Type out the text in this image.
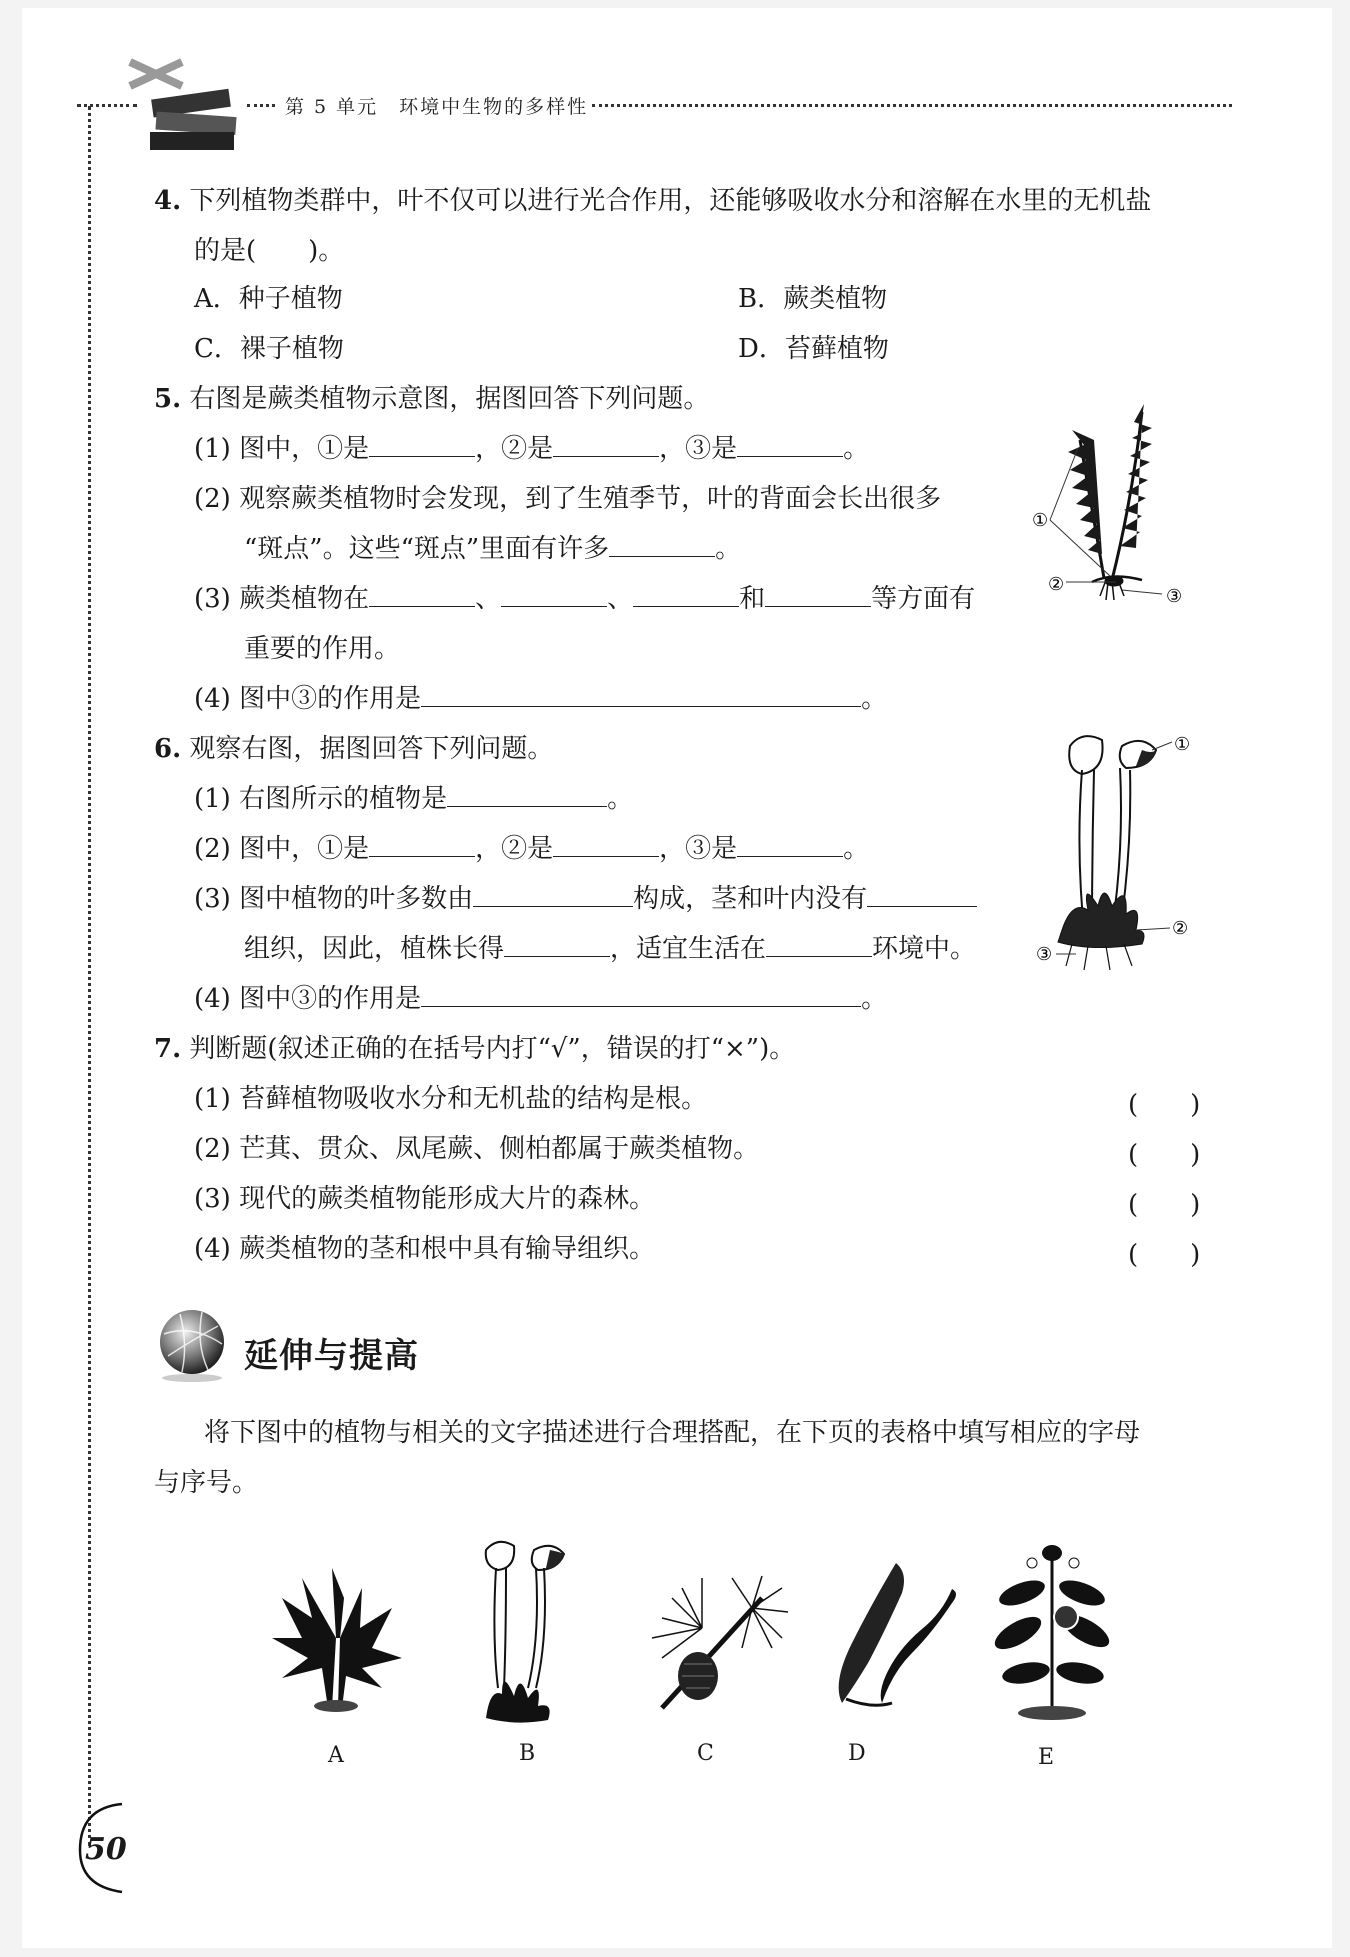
第 5 单元　环境中生物的多样性
4. 下列植物类群中，叶不仅可以进行光合作用，还能够吸收水分和溶解在水里的无机盐
的是(　　)。
A．种子植物	B．蕨类植物
C．裸子植物	D．苔藓植物
5. 右图是蕨类植物示意图，据图回答下列问题。
(1) 图中，①是	，②是	，③是	。
(2) 观察蕨类植物时会发现，到了生殖季节，叶的背面会长出很多
“斑点”。这些“斑点”里面有许多	。
(3) 蕨类植物在	、	、	和	等方面有
重要的作用。
(4) 图中③的作用是	。
①
②
③
6. 观察右图，据图回答下列问题。
(1) 右图所示的植物是	。
(2) 图中，①是	，②是	，③是	。
(3) 图中植物的叶多数由	构成，茎和叶内没有
组织，因此，植株长得	，适宜生活在	环境中。
(4) 图中③的作用是	。
①
②
③
7. 判断题(叙述正确的在括号内打“√”，错误的打“×”)。
(1) 苔藓植物吸收水分和无机盐的结构是根。	(　　)
(2) 芒萁、贯众、凤尾蕨、侧柏都属于蕨类植物。	(　　)
(3) 现代的蕨类植物能形成大片的森林。	(　　)
(4) 蕨类植物的茎和根中具有输导组织。	(　　)
延伸与提高
将下图中的植物与相关的文字描述进行合理搭配，在下页的表格中填写相应的字母
与序号。
A	B	C	D	E
50
